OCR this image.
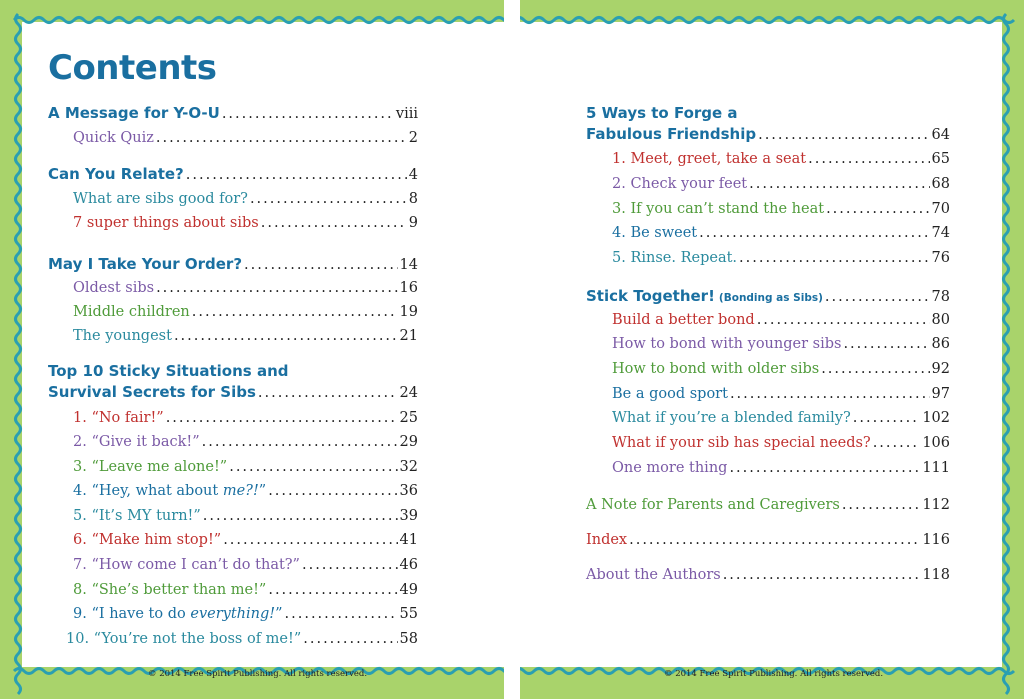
Contents
A Message for Y-O-U .....	viii
Quick Quiz .....	2
Can You Relate? .....	4
What are sibs good for? .....	8
7 super things about sibs .....	9
May I Take Your Order? .....	14
Oldest sibs .....	16
Middle children .....	19
The youngest .....	21
Top 10 Sticky Situations and
Survival Secrets for Sibs .....	24
1. “No fair!” .....	25
2. “Give it back!” .....	29
3. “Leave me alone!” .....	32
4. “Hey, what about me?!” .....	36
5. “It’s MY turn!” .....	39
6. “Make him stop!” .....	41
7. “How come I can’t do that?” .....	46
8. “She’s better than me!” .....	49
9. “I have to do everything!” .....	55
10. “You’re not the boss of me!” .....	58
© 2014 Free Spirit Publishing. All rights reserved.
5 Ways to Forge a
Fabulous Friendship .....	64
1. Meet, greet, take a seat .....	65
2. Check your feet .....	68
3. If you can’t stand the heat .....	70
4. Be sweet .....	74
5. Rinse. Repeat. .....	76
Stick Together! (Bonding as Sibs) .....	78
Build a better bond .....	80
How to bond with younger sibs .....	86
How to bond with older sibs .....	92
Be a good sport .....	97
What if you’re a blended family? .....	102
What if your sib has special needs? .....	106
One more thing .....	111
A Note for Parents and Caregivers .....	112
Index .....	116
About the Authors .....	118
© 2014 Free Spirit Publishing. All rights reserved.
